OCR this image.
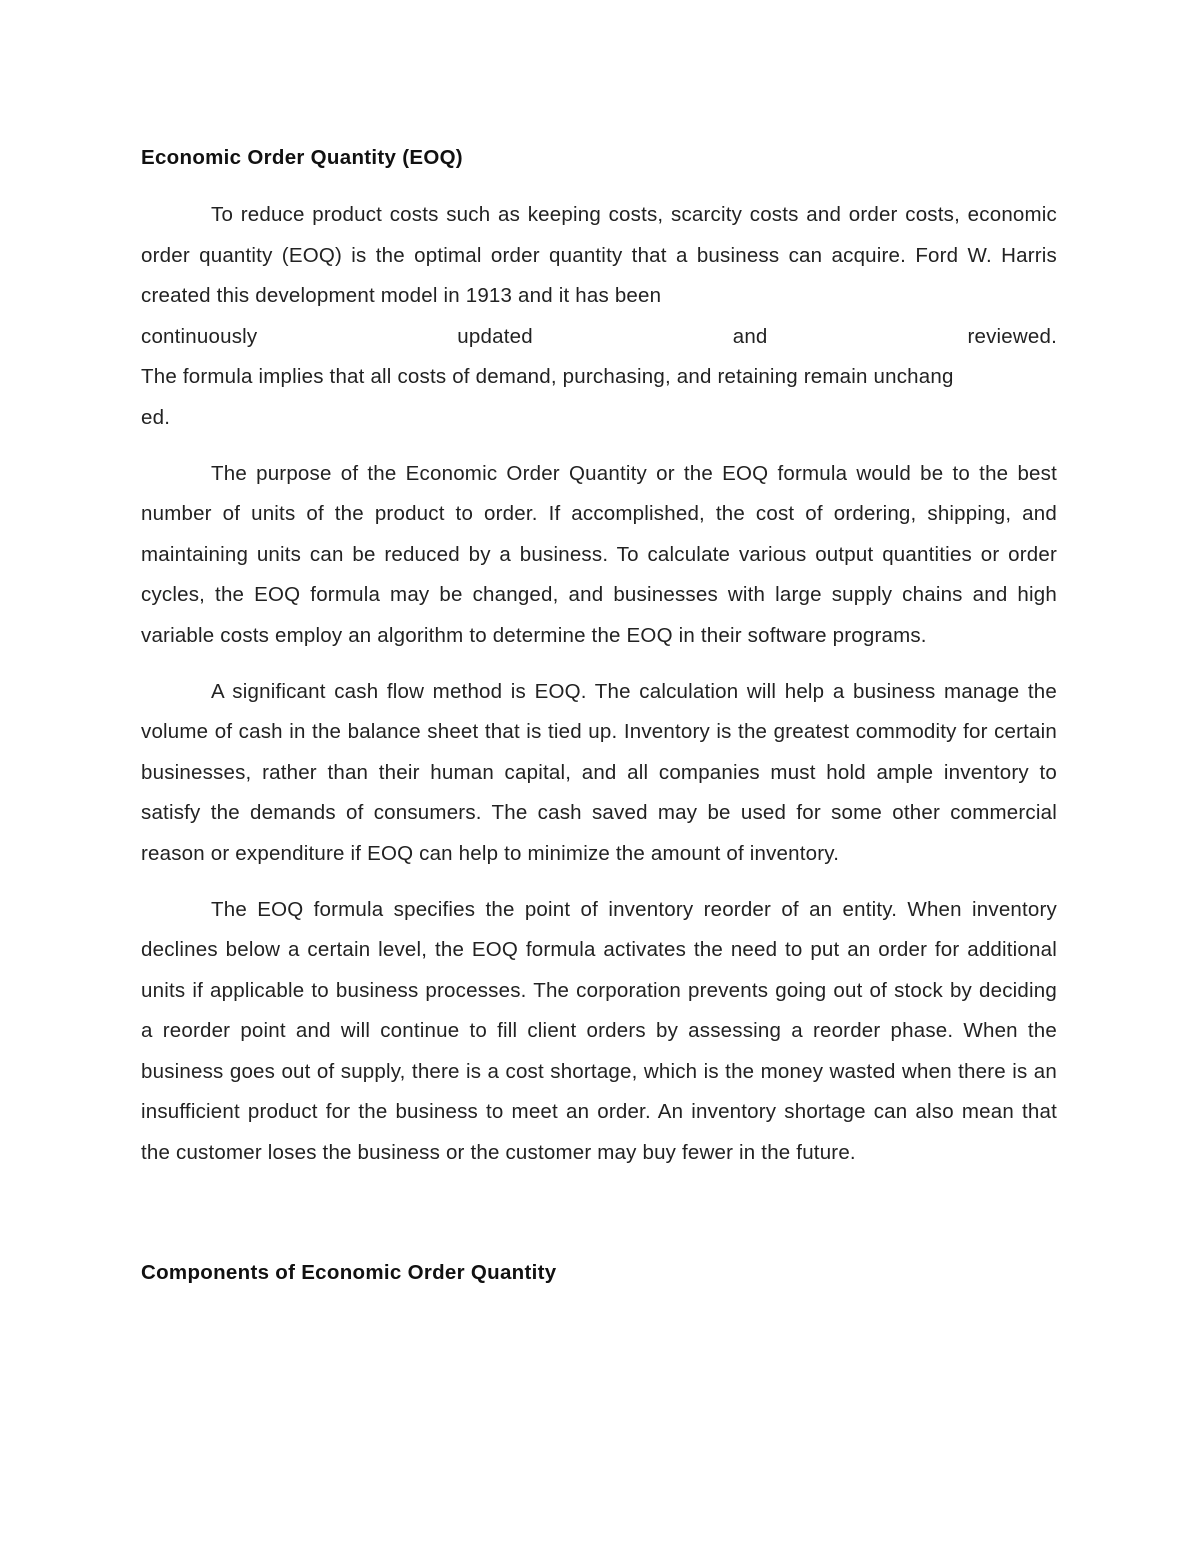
Economic Order Quantity (EOQ)

To reduce product costs such as keeping costs, scarcity costs and order costs, economic order quantity (EOQ) is the optimal order quantity that a business can acquire. Ford W. Harris created this development model in 1913 and it has been
continuously updated and reviewed.
The formula implies that all costs of demand, purchasing, and retaining remain unchang
ed.

The purpose of the Economic Order Quantity or the EOQ formula would be to the best number of units of the product to order. If accomplished, the cost of ordering, shipping, and maintaining units can be reduced by a business. To calculate various output quantities or order cycles, the EOQ formula may be changed, and businesses with large supply chains and high variable costs employ an algorithm to determine the EOQ in their software programs.

A significant cash flow method is EOQ. The calculation will help a business manage the volume of cash in the balance sheet that is tied up. Inventory is the greatest commodity for certain businesses, rather than their human capital, and all companies must hold ample inventory to satisfy the demands of consumers. The cash saved may be used for some other commercial reason or expenditure if EOQ can help to minimize the amount of inventory.

The EOQ formula specifies the point of inventory reorder of an entity. When inventory declines below a certain level, the EOQ formula activates the need to put an order for additional units if applicable to business processes. The corporation prevents going out of stock by deciding a reorder point and will continue to fill client orders by assessing a reorder phase. When the business goes out of supply, there is a cost shortage, which is the money wasted when there is an insufficient product for the business to meet an order. An inventory shortage can also mean that the customer loses the business or the customer may buy fewer in the future.

Components of Economic Order Quantity
